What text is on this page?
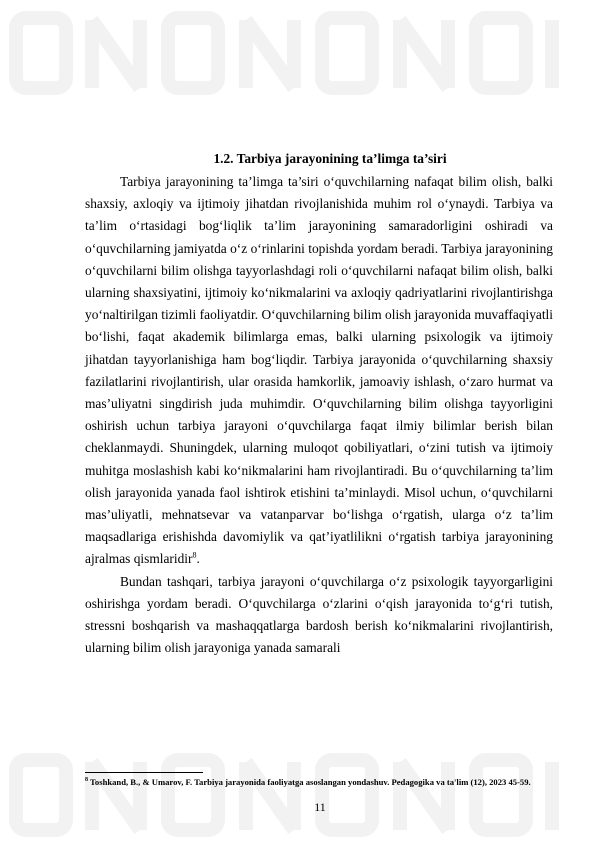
1.2. Tarbiya jarayonining ta’limga ta’siri

Tarbiya jarayonining ta’limga ta’siri o‘quvchilarning nafaqat bilim olish, balki shaxsiy, axloqiy va ijtimoiy jihatdan rivojlanishida muhim rol o‘ynaydi. Tarbiya va ta’lim o‘rtasidagi bog‘liqlik ta’lim jarayonining samaradorligini oshiradi va o‘quvchilarning jamiyatda o‘z o‘rinlarini topishda yordam beradi. Tarbiya jarayonining o‘quvchilarni bilim olishga tayyorlashdagi roli o‘quvchilarni nafaqat bilim olish, balki ularning shaxsiyatini, ijtimoiy ko‘nikmalarini va axloqiy qadriyatlarini rivojlantirishga yo‘naltirilgan tizimli faoliyatdir. O‘quvchilarning bilim olish jarayonida muvaffaqiyatli bo‘lishi, faqat akademik bilimlarga emas, balki ularning psixologik va ijtimoiy jihatdan tayyorlanishiga ham bog‘liqdir. Tarbiya jarayonida o‘quvchilarning shaxsiy fazilatlarini rivojlantirish, ular orasida hamkorlik, jamoaviy ishlash, o‘zaro hurmat va mas’uliyatni singdirish juda muhimdir. O‘quvchilarning bilim olishga tayyorligini oshirish uchun tarbiya jarayoni o‘quvchilarga faqat ilmiy bilimlar berish bilan cheklanmaydi. Shuningdek, ularning muloqot qobiliyatlari, o‘zini tutish va ijtimoiy muhitga moslashish kabi ko‘nikmalarini ham rivojlantiradi. Bu o‘quvchilarning ta’lim olish jarayonida yanada faol ishtirok etishini ta’minlaydi. Misol uchun, o‘quvchilarni mas’uliyatli, mehnatsevar va vatanparvar bo‘lishga o‘rgatish, ularga o‘z ta’lim maqsadlariga erishishda davomiylik va qat’iyatlilikni o‘rgatish tarbiya jarayonining ajralmas qismlaridir$^8$.

Bundan tashqari, tarbiya jarayoni o‘quvchilarga o‘z psixologik tayyorgarligini oshirishga yordam beradi. O‘quvchilarga o‘zlarini o‘qish jarayonida to‘g‘ri tutish, stressni boshqarish va mashaqqatlarga bardosh berish ko‘nikmalarini rivojlantirish, ularning bilim olish jarayoniga yanada samarali

$^8$ Toshkand, B., & Umarov, F. Tarbiya jarayonida faoliyatga asoslangan yondashuv. Pedagogika va ta'lim (12), 2023 45-59.
11
